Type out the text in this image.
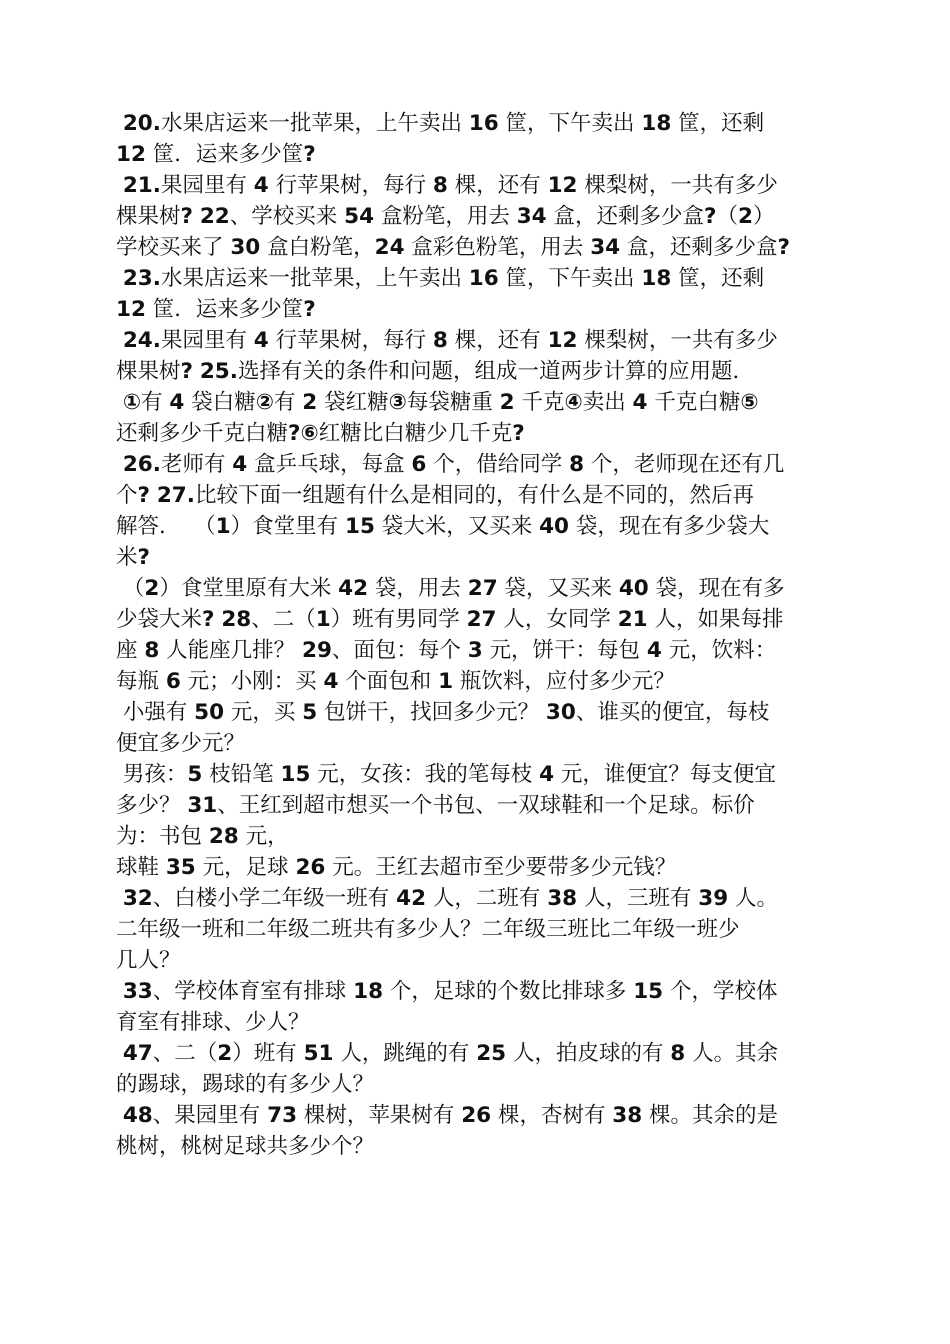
20.水果店运来一批苹果，上午卖出 16 筐，下午卖出 18 筐，还剩
12 筐．运来多少筐?
21.果园里有 4 行苹果树，每行 8 棵，还有 12 棵梨树，一共有多少
棵果树? 22、学校买来 54 盒粉笔，用去 34 盒，还剩多少盒?（2）
学校买来了 30 盒白粉笔，24 盒彩色粉笔，用去 34 盒，还剩多少盒?
23.水果店运来一批苹果，上午卖出 16 筐，下午卖出 18 筐，还剩
12 筐．运来多少筐?
24.果园里有 4 行苹果树，每行 8 棵，还有 12 棵梨树，一共有多少
棵果树? 25.选择有关的条件和问题，组成一道两步计算的应用题．
①有 4 袋白糖②有 2 袋红糖③每袋糖重 2 千克④卖出 4 千克白糖⑤
还剩多少千克白糖?⑥红糖比白糖少几千克?
26.老师有 4 盒乒乓球，每盒 6 个，借给同学 8 个，老师现在还有几
个? 27.比较下面一组题有什么是相同的，有什么是不同的，然后再
解答．  （1）食堂里有 15 袋大米，又买来 40 袋，现在有多少袋大
米?
（2）食堂里原有大米 42 袋，用去 27 袋，又买来 40 袋，现在有多
少袋大米? 28、二（1）班有男同学 27 人，女同学 21 人，如果每排
座 8 人能座几排？ 29、面包：每个 3 元，饼干：每包 4 元，饮料：
每瓶 6 元；小刚：买 4 个面包和 1 瓶饮料，应付多少元？
小强有 50 元，买 5 包饼干，找回多少元？ 30、谁买的便宜，每枝
便宜多少元？
男孩：5 枝铅笔 15 元，女孩：我的笔每枝 4 元，谁便宜？每支便宜
多少？ 31、王红到超市想买一个书包、一双球鞋和一个足球。标价
为：书包 28 元，
球鞋 35 元，足球 26 元。王红去超市至少要带多少元钱？
32、白楼小学二年级一班有 42 人，二班有 38 人，三班有 39 人。
二年级一班和二年级二班共有多少人？二年级三班比二年级一班少
几人？
33、学校体育室有排球 18 个，足球的个数比排球多 15 个，学校体
育室有排球、少人？
47、二（2）班有 51 人，跳绳的有 25 人，拍皮球的有 8 人。其余
的踢球，踢球的有多少人？
48、果园里有 73 棵树，苹果树有 26 棵，杏树有 38 棵。其余的是
桃树，桃树足球共多少个？
